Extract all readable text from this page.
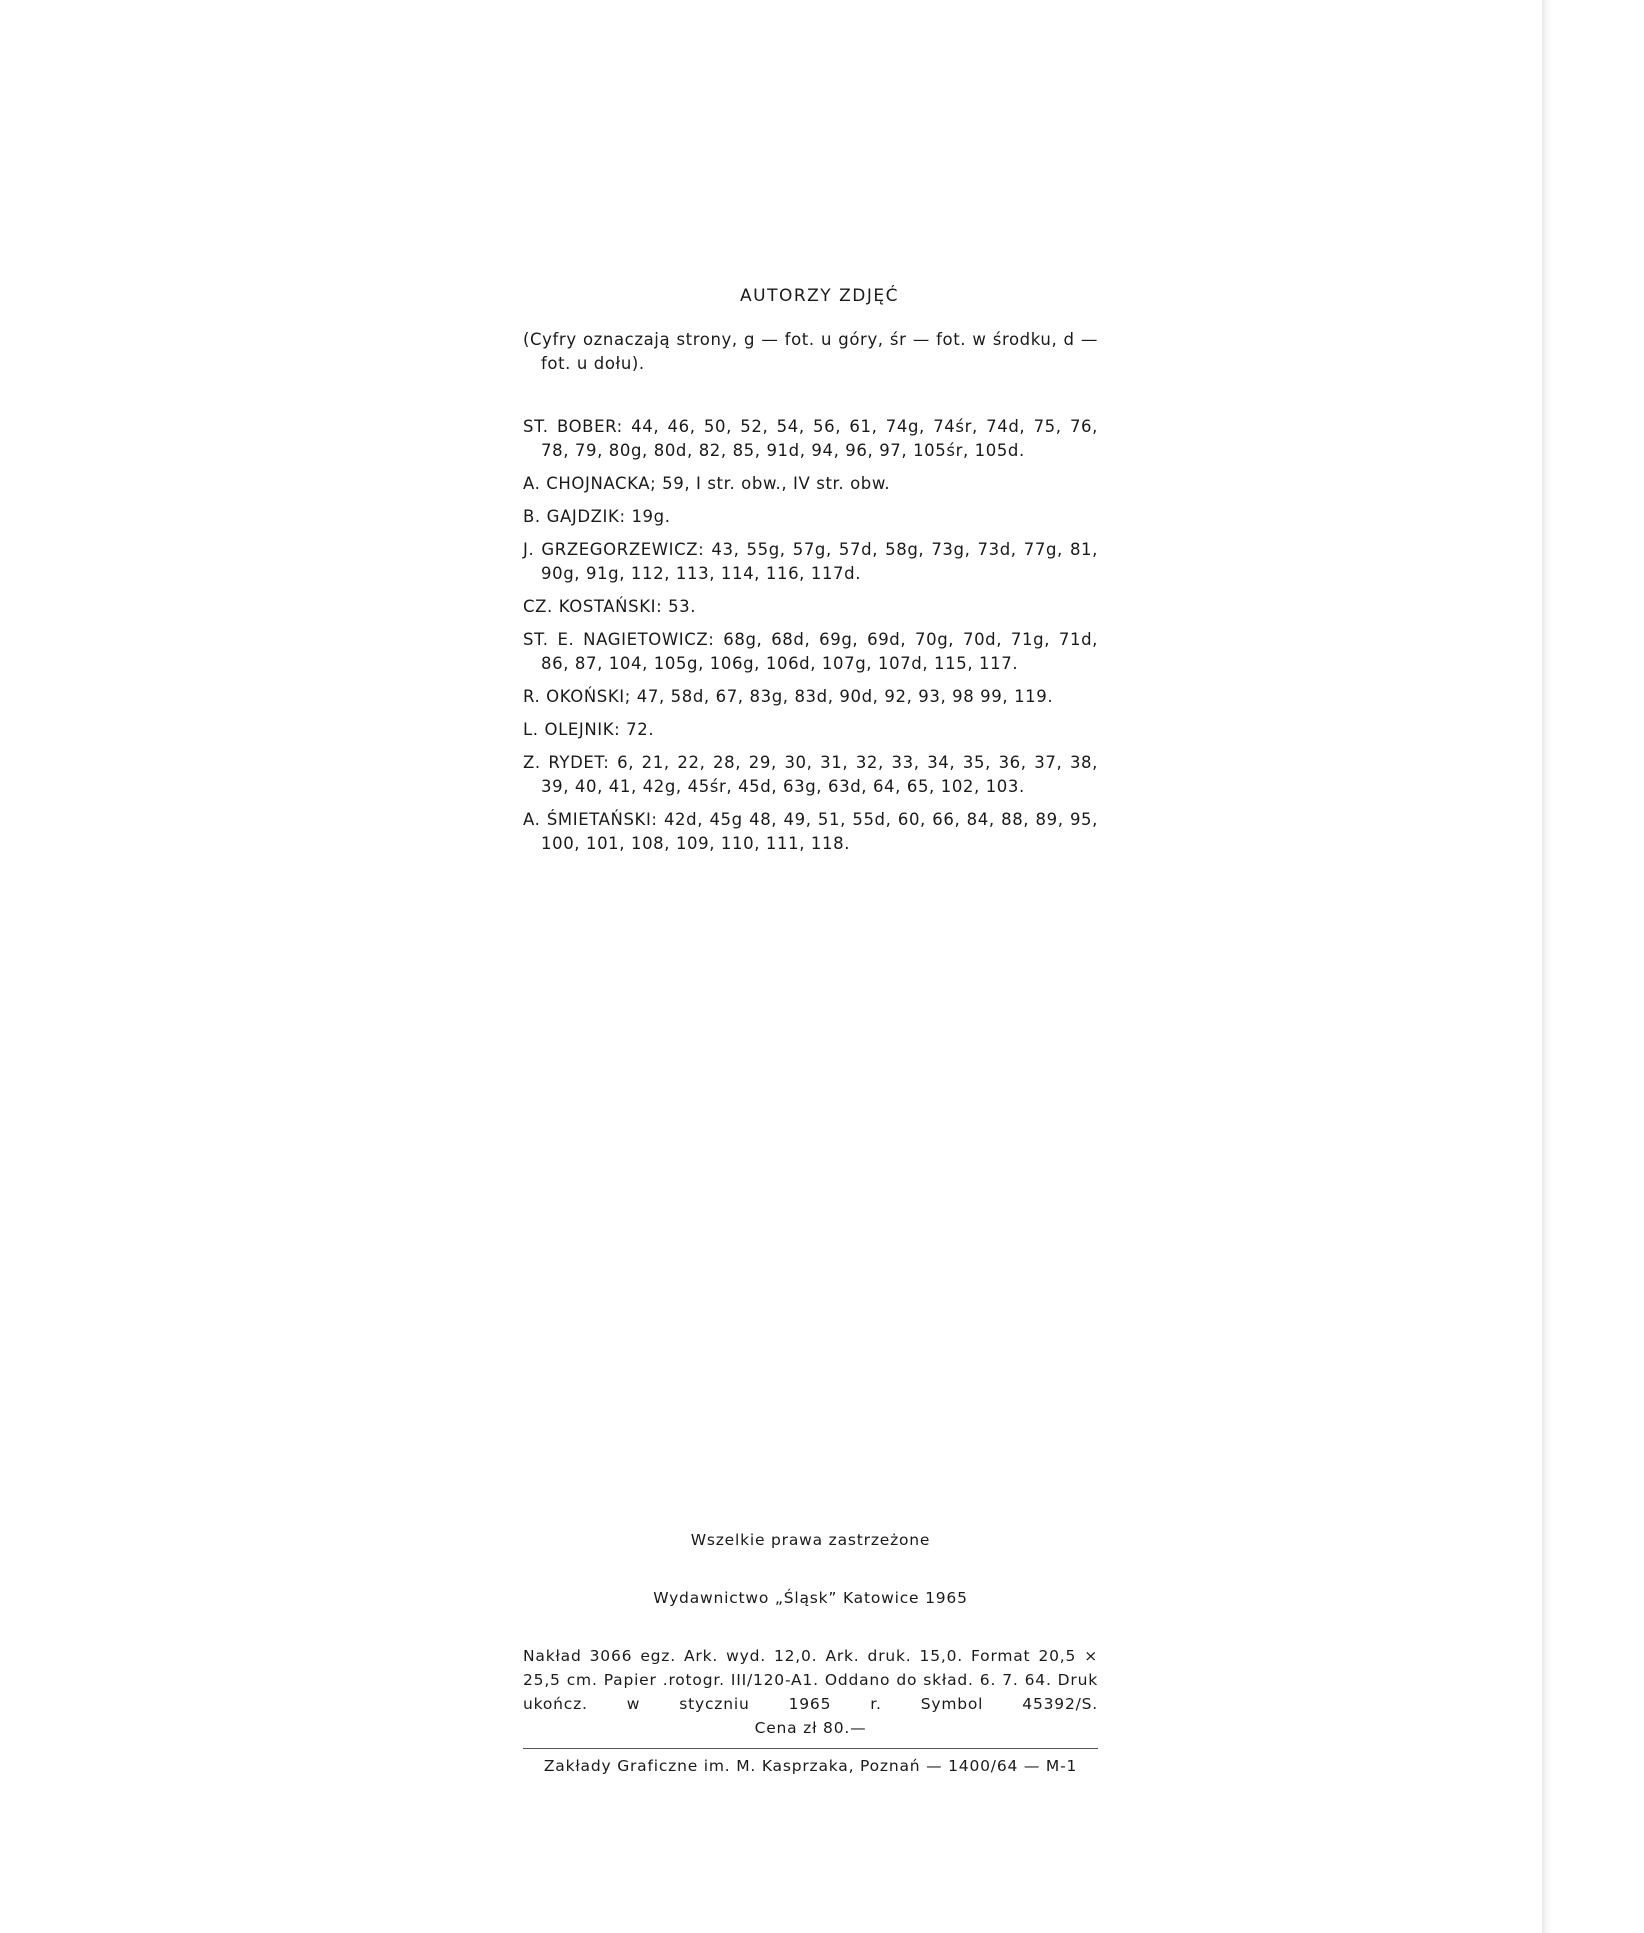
AUTORZY ZDJĘĆ

(Cyfry oznaczają strony, g — fot. u góry, śr — fot. w środku, d — fot. u dołu).

ST. BOBER: 44, 46, 50, 52, 54, 56, 61, 74g, 74śr, 74d, 75, 76, 78, 79, 80g, 80d, 82, 85, 91d, 94, 96, 97, 105śr, 105d.

A. CHOJNACKA; 59, I str. obw., IV str. obw.

B. GAJDZIK: 19g.

J. GRZEGORZEWICZ: 43, 55g, 57g, 57d, 58g, 73g, 73d, 77g, 81, 90g, 91g, 112, 113, 114, 116, 117d.

CZ. KOSTAŃSKI: 53.

ST. E. NAGIETOWICZ: 68g, 68d, 69g, 69d, 70g, 70d, 71g, 71d, 86, 87, 104, 105g, 106g, 106d, 107g, 107d, 115, 117.

R. OKOŃSKI; 47, 58d, 67, 83g, 83d, 90d, 92, 93, 98 99, 119.

L. OLEJNIK: 72.

Z. RYDET: 6, 21, 22, 28, 29, 30, 31, 32, 33, 34, 35, 36, 37, 38, 39, 40, 41, 42g, 45śr, 45d, 63g, 63d, 64, 65, 102, 103.

A. ŚMIETAŃSKI: 42d, 45g 48, 49, 51, 55d, 60, 66, 84, 88, 89, 95, 100, 101, 108, 109, 110, 111, 118.

Wszelkie prawa zastrzeżone

Wydawnictwo „Śląsk” Katowice 1965

Nakład 3066 egz. Ark. wyd. 12,0. Ark. druk. 15,0. Format 20,5 × 25,5 cm. Papier .rotogr. III/120-A1. Oddano do skład. 6. 7. 64. Druk ukończ. w styczniu 1965 r. Symbol 45392/S.

Cena zł 80.—

Zakłady Graficzne im. M. Kasprzaka, Poznań — 1400/64 — M-1
